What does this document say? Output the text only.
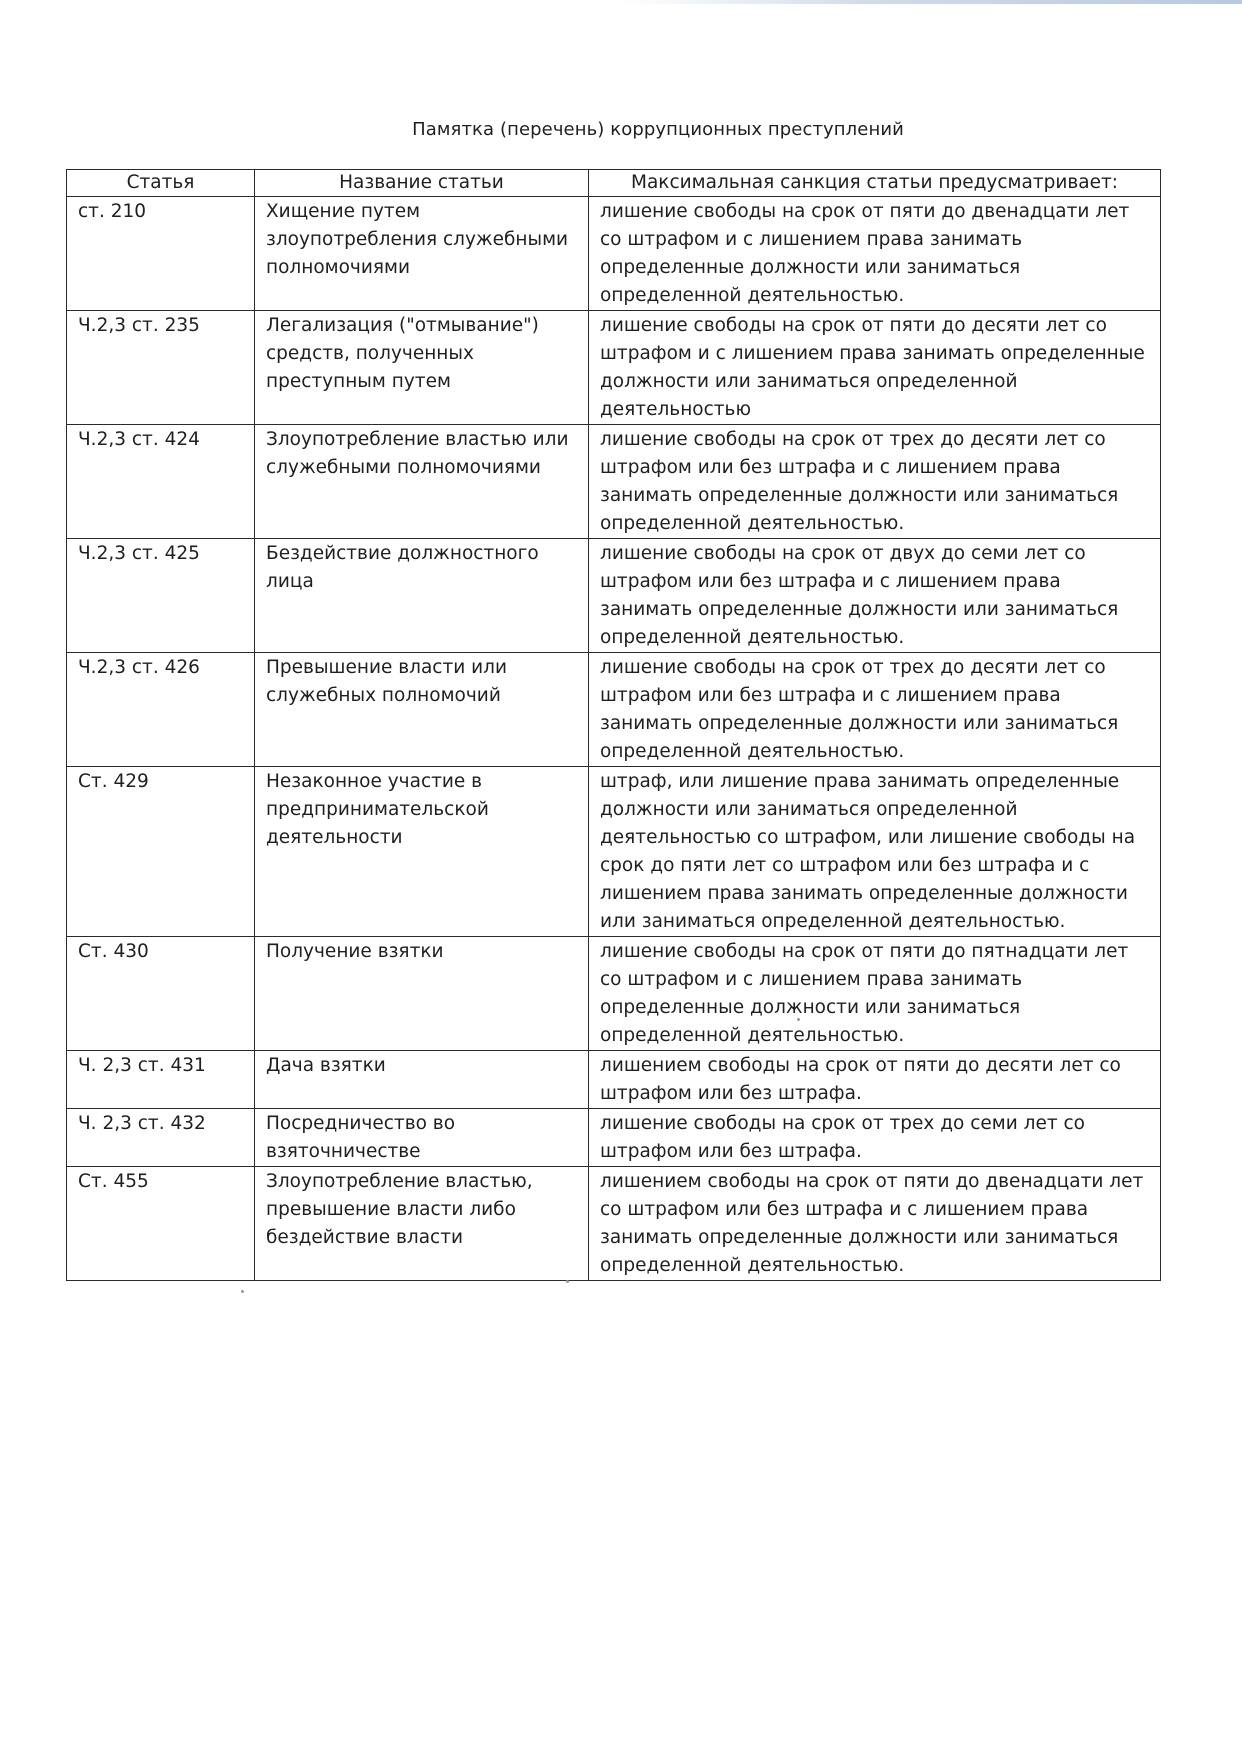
Памятка (перечень) коррупционных преступлений
Статья	Название статьи	Максимальная санкция статьи предусматривает:
ст. 210	Хищение путем злоупотребления служебными полномочиями	лишение свободы на срок от пяти до двенадцати лет со штрафом и с лишением права занимать определенные должности или заниматься определенной деятельностью.
Ч.2,3 ст. 235	Легализация ("отмывание") средств, полученных преступным путем	лишение свободы на срок от пяти до десяти лет со штрафом и с лишением права занимать определенные должности или заниматься определенной деятельностью
Ч.2,3 ст. 424	Злоупотребление властью или служебными полномочиями	лишение свободы на срок от трех до десяти лет со штрафом или без штрафа и с лишением права занимать определенные должности или заниматься определенной деятельностью.
Ч.2,3 ст. 425	Бездействие должностного лица	лишение свободы на срок от двух до семи лет со штрафом или без штрафа и с лишением права занимать определенные должности или заниматься определенной деятельностью.
Ч.2,3 ст. 426	Превышение власти или служебных полномочий	лишение свободы на срок от трех до десяти лет со штрафом или без штрафа и с лишением права занимать определенные должности или заниматься определенной деятельностью.
Ст. 429	Незаконное участие в предпринимательской деятельности	штраф, или лишение права занимать определенные должности или заниматься определенной деятельностью со штрафом, или лишение свободы на срок до пяти лет со штрафом или без штрафа и с лишением права занимать определенные должности или заниматься определенной деятельностью.
Ст. 430	Получение взятки	лишение свободы на срок от пяти до пятнадцати лет со штрафом и с лишением права занимать определенные должности или заниматься определенной деятельностью.
Ч. 2,3 ст. 431	Дача взятки	лишением свободы на срок от пяти до десяти лет со штрафом или без штрафа.
Ч. 2,3 ст. 432	Посредничество во взяточничестве	лишение свободы на срок от трех до семи лет со штрафом или без штрафа.
Ст. 455	Злоупотребление властью, превышение власти либо бездействие власти	лишением свободы на срок от пяти до двенадцати лет со штрафом или без штрафа и с лишением права занимать определенные должности или заниматься определенной деятельностью.
